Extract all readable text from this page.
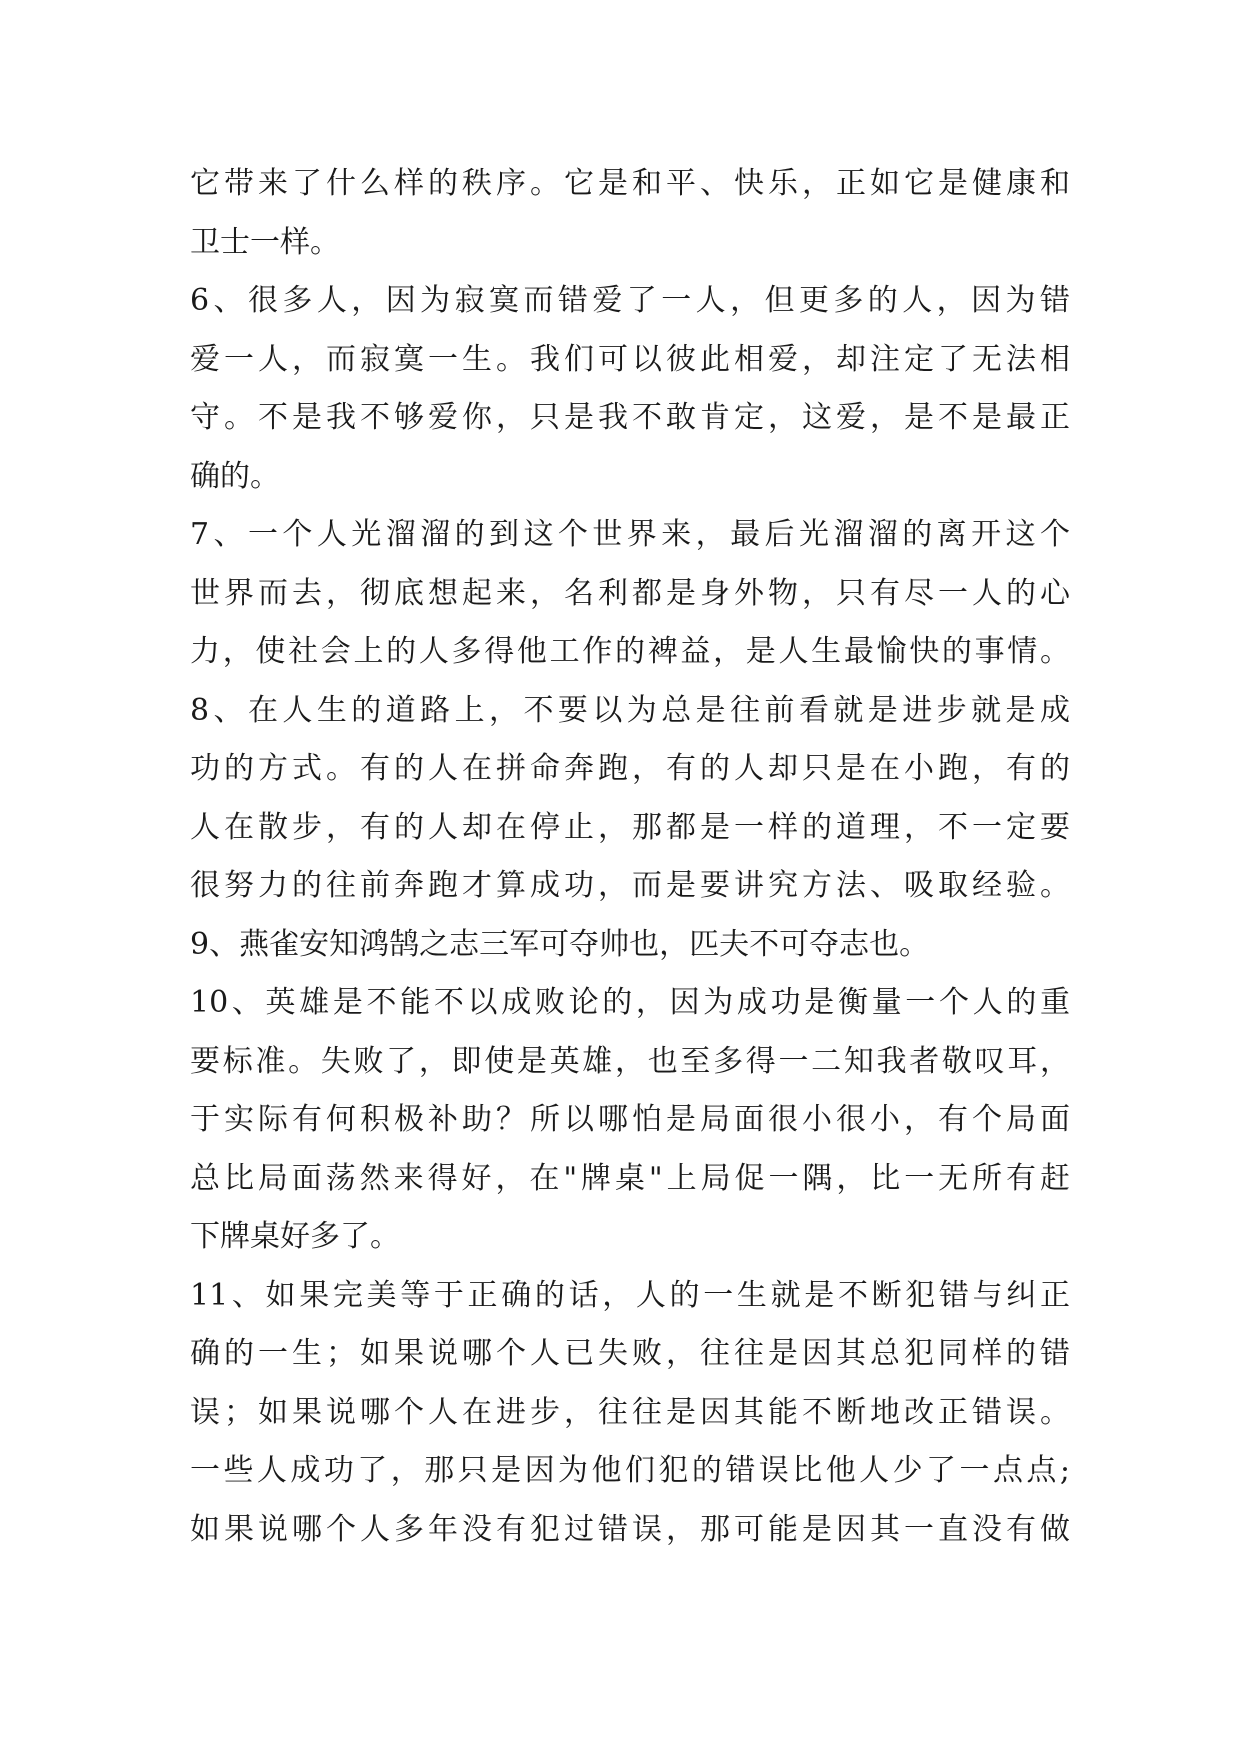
它带来了什么样的秩序。它是和平、快乐，正如它是健康和
卫士一样。
6、很多人，因为寂寞而错爱了一人，但更多的人，因为错
爱一人，而寂寞一生。我们可以彼此相爱，却注定了无法相
守。不是我不够爱你，只是我不敢肯定，这爱，是不是最正
确的。
7、一个人光溜溜的到这个世界来，最后光溜溜的离开这个
世界而去，彻底想起来，名利都是身外物，只有尽一人的心
力，使社会上的人多得他工作的裨益，是人生最愉快的事情。
8、在人生的道路上，不要以为总是往前看就是进步就是成
功的方式。有的人在拼命奔跑，有的人却只是在小跑，有的
人在散步，有的人却在停止，那都是一样的道理，不一定要
很努力的往前奔跑才算成功，而是要讲究方法、吸取经验。
9、燕雀安知鸿鹄之志三军可夺帅也，匹夫不可夺志也。
10、英雄是不能不以成败论的，因为成功是衡量一个人的重
要标准。失败了，即使是英雄，也至多得一二知我者敬叹耳，
于实际有何积极补助？所以哪怕是局面很小很小，有个局面
总比局面荡然来得好，在"牌桌"上局促一隅，比一无所有赶
下牌桌好多了。
11、如果完美等于正确的话，人的一生就是不断犯错与纠正
确的一生；如果说哪个人已失败，往往是因其总犯同样的错
误；如果说哪个人在进步，往往是因其能不断地改正错误。
一些人成功了，那只是因为他们犯的错误比他人少了一点点;
如果说哪个人多年没有犯过错误，那可能是因其一直没有做
